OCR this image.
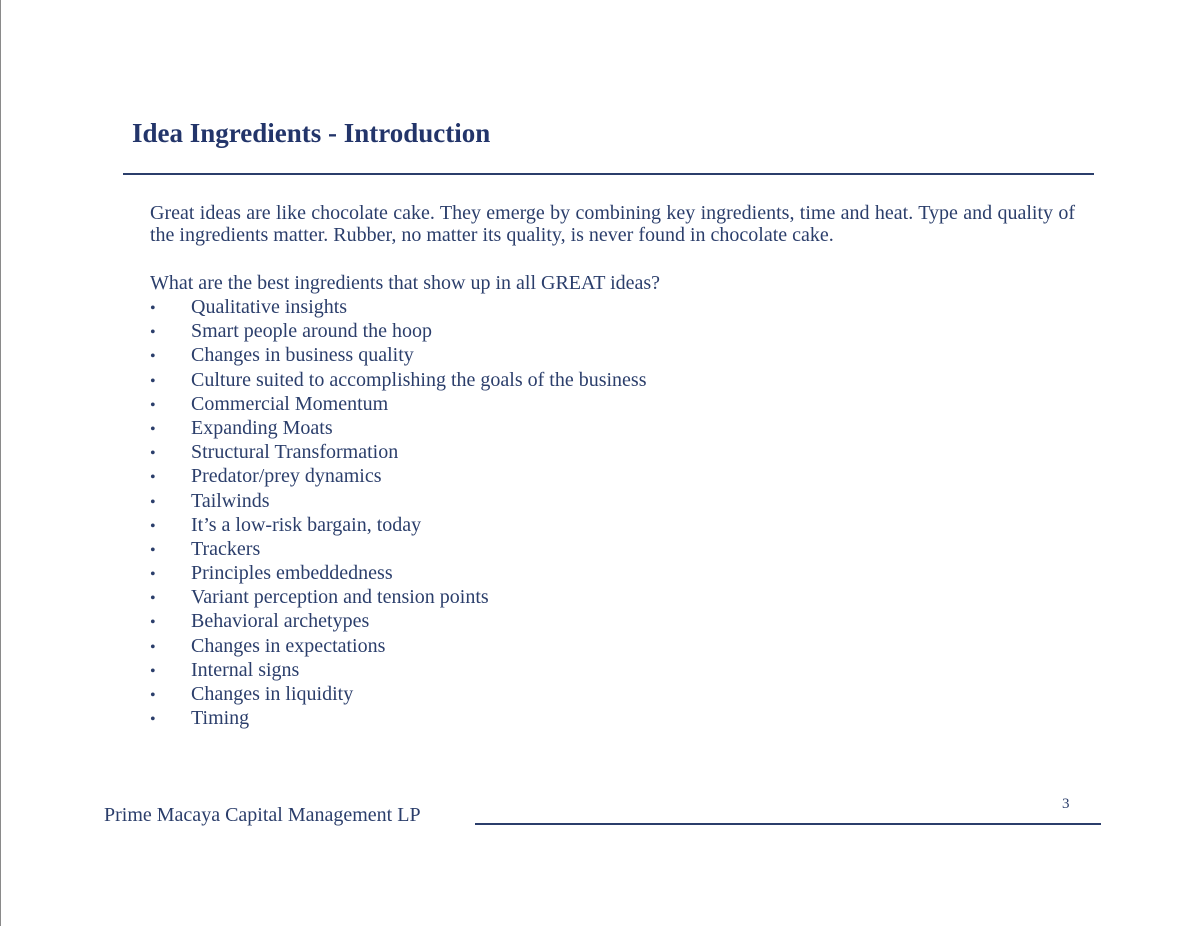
Idea Ingredients - Introduction

Great ideas are like chocolate cake. They emerge by combining key ingredients, time and heat. Type and quality of the ingredients matter. Rubber, no matter its quality, is never found in chocolate cake.

What are the best ingredients that show up in all GREAT ideas?

•Qualitative insights
•Smart people around the hoop
•Changes in business quality
•Culture suited to accomplishing the goals of the business
•Commercial Momentum
•Expanding Moats
•Structural Transformation
•Predator/prey dynamics
•Tailwinds
•It’s a low-risk bargain, today
•Trackers
•Principles embeddedness
•Variant perception and tension points
•Behavioral archetypes
•Changes in expectations
•Internal signs
•Changes in liquidity
•Timing
Prime Macaya Capital Management LP	3
